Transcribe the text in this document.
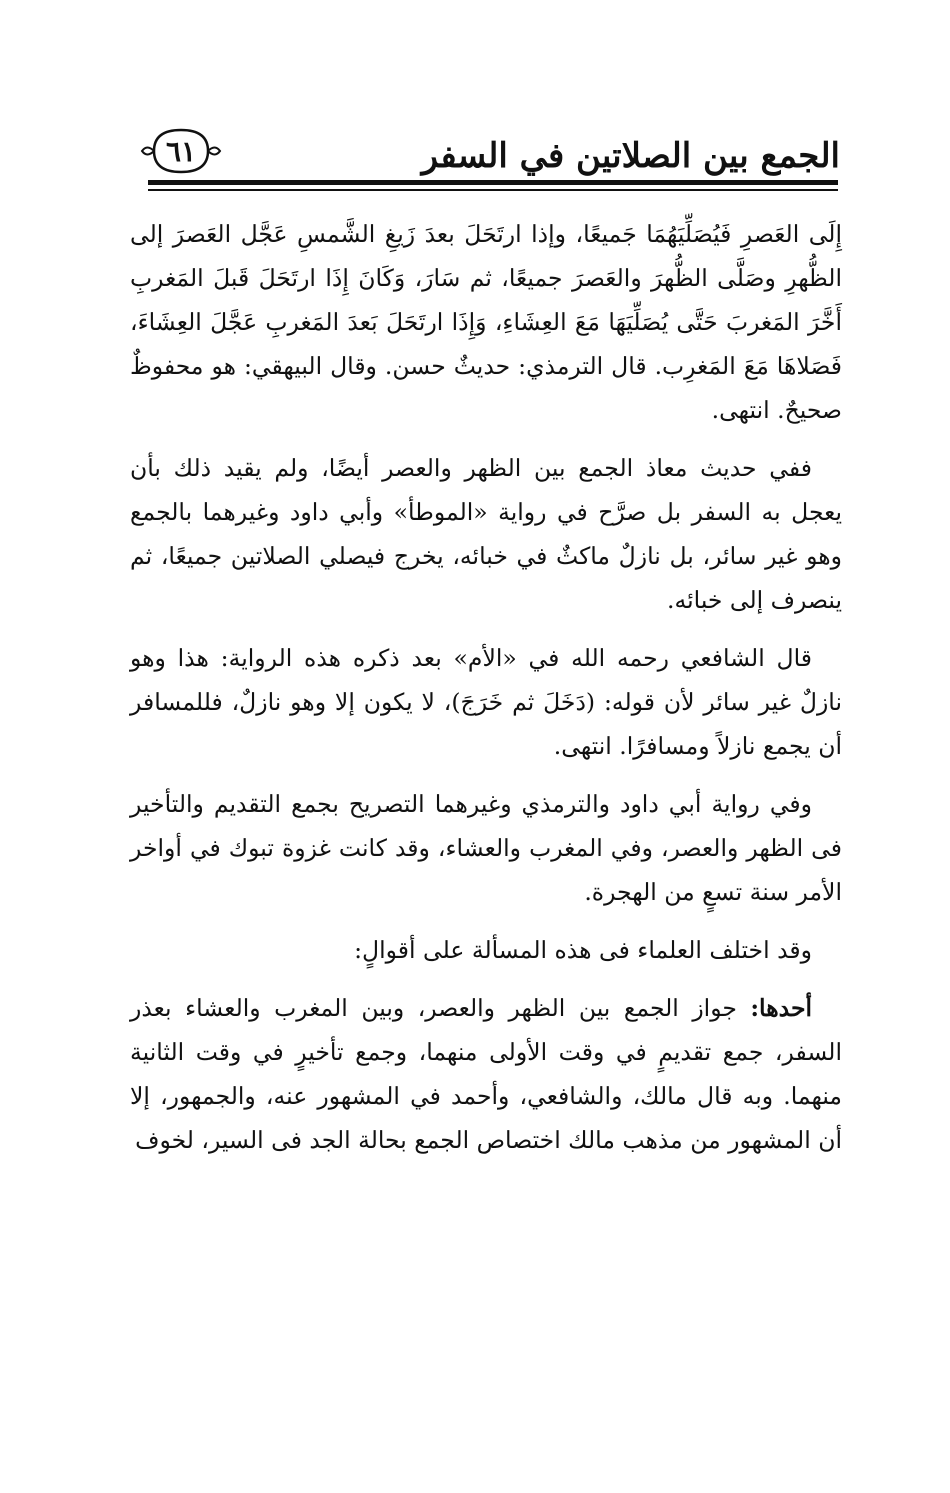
الجمع بين الصلاتين في السفر
٦١

إِلَى العَصرِ فَيُصَلِّيَهُمَا جَميعًا، وإذا ارتَحَلَ بعدَ زَيغِ الشَّمسِ عَجَّل العَصرَ إلى الظُّهرِ وصَلَّى الظُّهرَ والعَصرَ جميعًا، ثم سَارَ، وَكَانَ إِذَا ارتَحَلَ قَبلَ المَغربِ أَخَّرَ المَغربَ حَتَّى يُصَلِّيَهَا مَعَ العِشَاءِ، وَإِذَا ارتَحَلَ بَعدَ المَغربِ عَجَّلَ العِشَاءَ، فَصَلاهَا مَعَ المَغرِب. قال الترمذي: حديثٌ حسن. وقال البيهقي: هو محفوظٌ صحيحٌ. انتهى.

ففي حديث معاذ الجمع بين الظهر والعصر أيضًا، ولم يقيد ذلك بأن يعجل به السفر بل صرَّح في رواية «الموطأ» وأبي داود وغيرهما بالجمع وهو غير سائر، بل نازلٌ ماكثٌ في خبائه، يخرج فيصلي الصلاتين جميعًا، ثم ينصرف إلى خبائه.

قال الشافعي رحمه الله في «الأم» بعد ذكره هذه الرواية: هذا وهو نازلٌ غير سائر لأن قوله: (دَخَلَ ثم خَرَجَ)، لا يكون إلا وهو نازلٌ، فللمسافر أن يجمع نازلاً ومسافرًا. انتهى.

وفي رواية أبي داود والترمذي وغيرهما التصريح بجمع التقديم والتأخير فى الظهر والعصر، وفي المغرب والعشاء، وقد كانت غزوة تبوك في أواخر الأمر سنة تسعٍ من الهجرة.

وقد اختلف العلماء فى هذه المسألة على أقوالٍ:

أحدها: جواز الجمع بين الظهر والعصر، وبين المغرب والعشاء بعذر السفر، جمع تقديمٍ في وقت الأولى منهما، وجمع تأخيرٍ في وقت الثانية منهما. وبه قال مالك، والشافعي، وأحمد في المشهور عنه، والجمهور، إلا أن المشهور من مذهب مالك اختصاص الجمع بحالة الجد فى السير، لخوف
